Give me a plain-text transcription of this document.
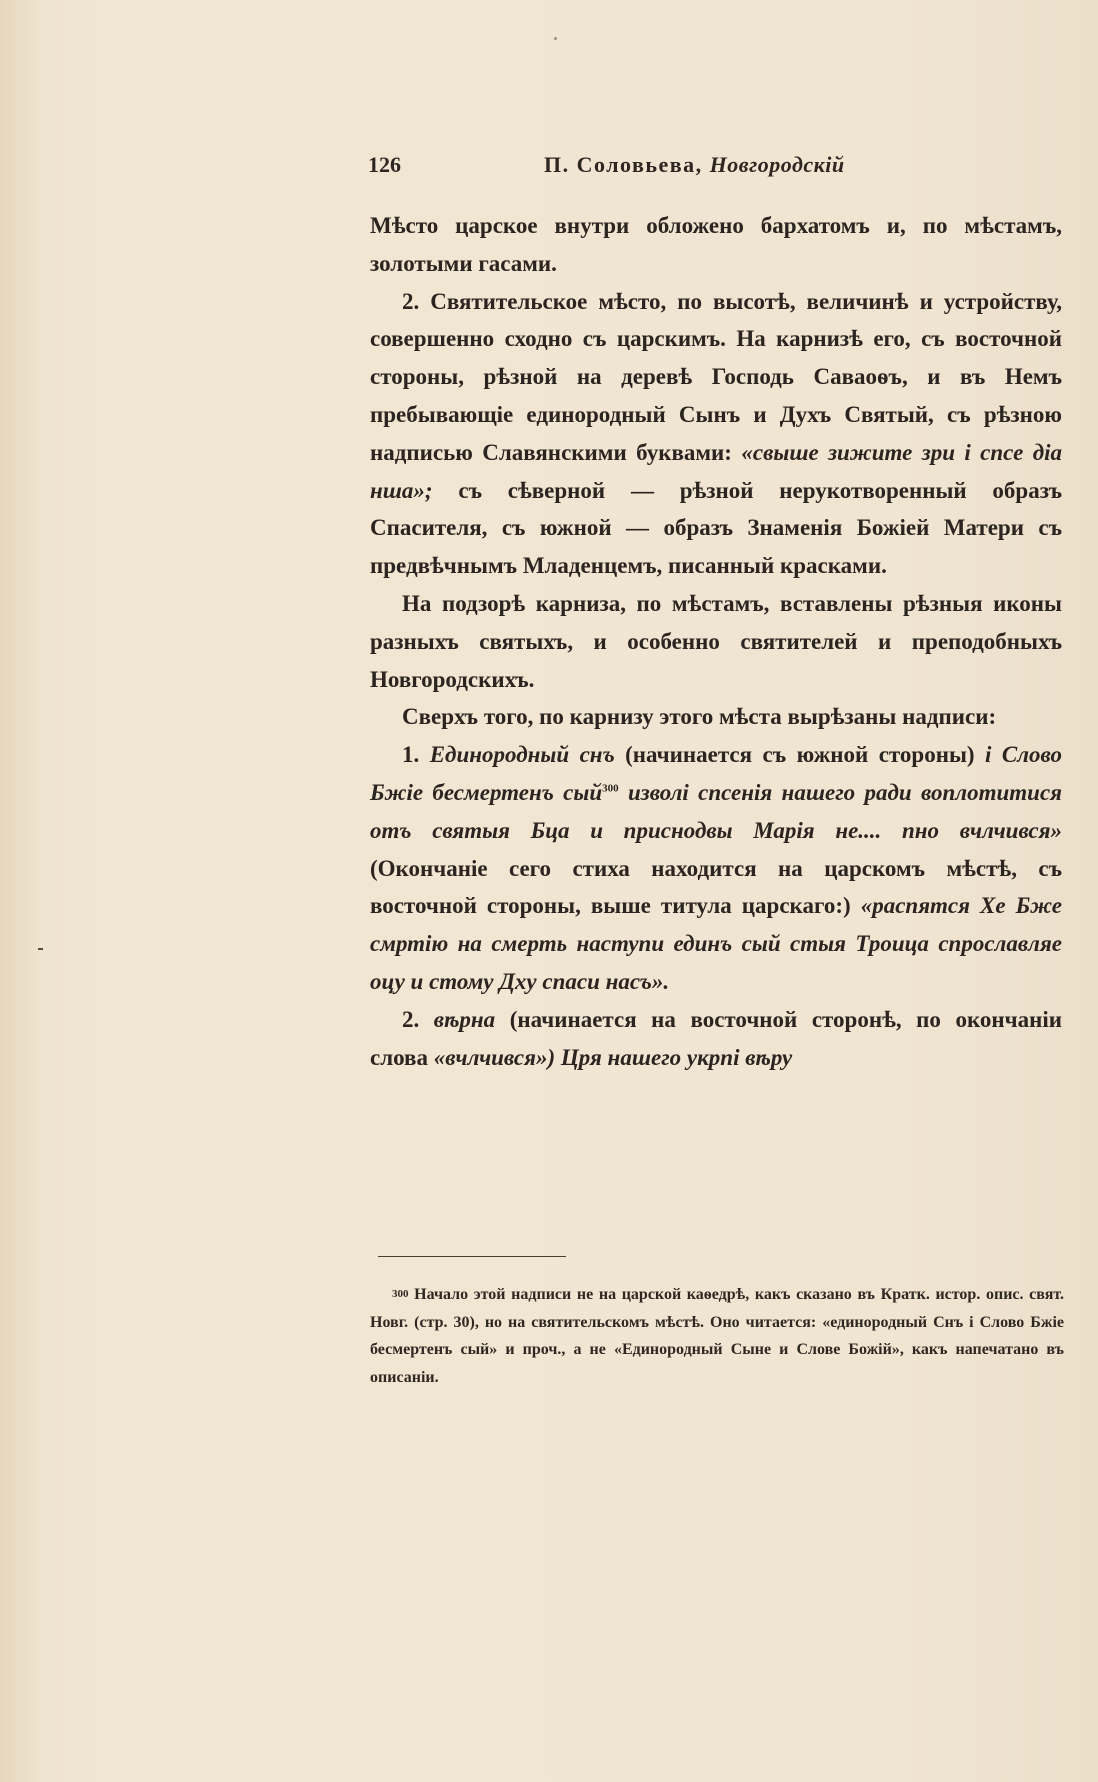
126	П. Соловьева, Новгородскій

Мѣсто царское внутри обложено бархатомъ и, по мѣстамъ, золотыми гасами.

2. Святительское мѣсто, по высотѣ, величинѣ и устройству, совершенно сходно съ царскимъ. На карнизѣ его, съ восточной стороны, рѣзной на деревѣ Господь Саваоѳъ, и въ Немъ пребывающіе единородный Сынъ и Духъ Святый, съ рѣзною надписью Славянскими буквами: «свыше зижите зри і спсе діа нша»; съ сѣверной — рѣзной нерукотворенный образъ Спасителя, съ южной — образъ Знаменія Божіей Матери съ предвѣчнымъ Младенцемъ, писанный красками.

На подзорѣ карниза, по мѣстамъ, вставлены рѣзныя иконы разныхъ святыхъ, и особенно святителей и преподобныхъ Новгородскихъ.

Сверхъ того, по карнизу этого мѣста вырѣзаны надписи:

1. Единородный снъ (начинается съ южной стороны) і Слово Бжіе бесмертенъ сый$^{300}$ изволі спсенія нашего ради воплотитися отъ святыя Бца и приснодвы Марія не.... пно вчлчився» (Окончаніе сего стиха находится на царскомъ мѣстѣ, съ восточной стороны, выше титула царскаго:) «распятся Хе Бже смртію на смерть наступи единъ сый стыя Троица спрославляе оцу и стому Дху спаси насъ».

2. вѣрна (начинается на восточной сторонѣ, по окончаніи слова «вчлчився») Цря нашего укрпі вѣру

$^{300}$ Начало этой надписи не на царской каѳедрѣ, какъ сказано въ Кратк. истор. опис. свят. Новг. (стр. 30), но на святительскомъ мѣстѣ. Оно читается: «единородный Снъ і Слово Бжіе бесмертенъ сый» и проч., а не «Единородный Сыне и Слове Божій», какъ напечатано въ описаніи.
